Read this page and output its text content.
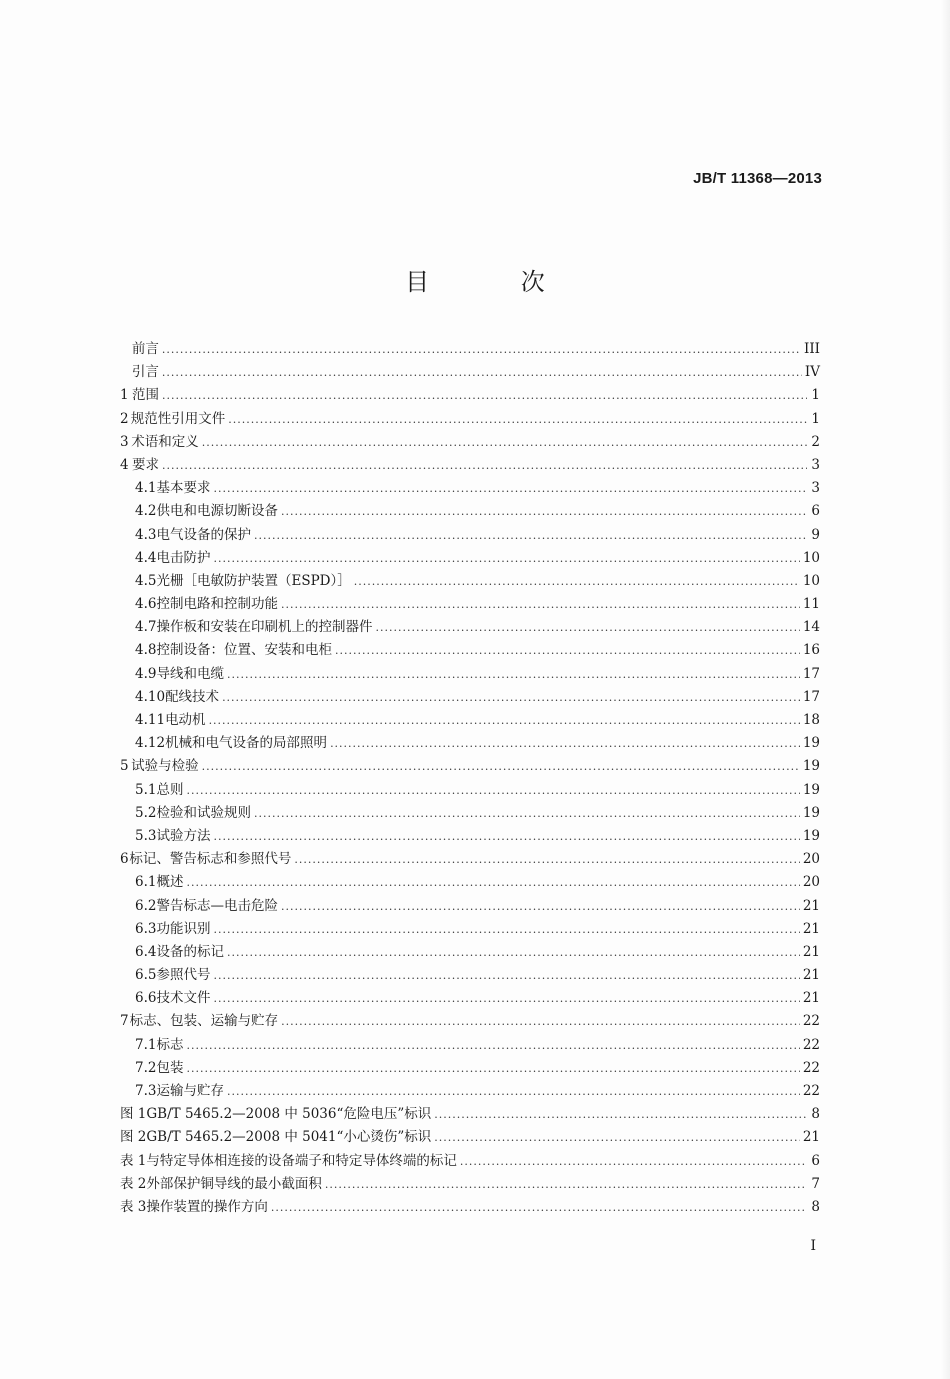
JB/T 11368—2013
目 次
前言 .....	III
引言 .....	IV
1 范围 .....	1
2 规范性引用文件 .....	1
3 术语和定义 .....	2
4 要求 .....	3
4.1 基本要求 .....	3
4.2 供电和电源切断设备 .....	6
4.3 电气设备的保护 .....	9
4.4 电击防护 .....	10
4.5 光栅［电敏防护装置（ESPD）］ .....	10
4.6 控制电路和控制功能 .....	11
4.7 操作板和安装在印刷机上的控制器件 .....	14
4.8 控制设备：位置、安装和电柜 .....	16
4.9 导线和电缆 .....	17
4.10 配线技术 .....	17
4.11 电动机 .....	18
4.12 机械和电气设备的局部照明 .....	19
5 试验与检验 .....	19
5.1 总则 .....	19
5.2 检验和试验规则 .....	19
5.3 试验方法 .....	19
6 标记、警告标志和参照代号 .....	20
6.1 概述 .....	20
6.2 警告标志—电击危险 .....	21
6.3 功能识别 .....	21
6.4 设备的标记 .....	21
6.5 参照代号 .....	21
6.6 技术文件 .....	21
7 标志、包装、运输与贮存 .....	22
7.1 标志 .....	22
7.2 包装 .....	22
7.3 运输与贮存 .....	22
图 1 GB/T 5465.2—2008 中 5036“危险电压”标识 .....	8
图 2 GB/T 5465.2—2008 中 5041“小心烫伤”标识 .....	21
表 1 与特定导体相连接的设备端子和特定导体终端的标记 .....	6
表 2 外部保护铜导线的最小截面积 .....	7
表 3 操作装置的操作方向 .....	8
I
